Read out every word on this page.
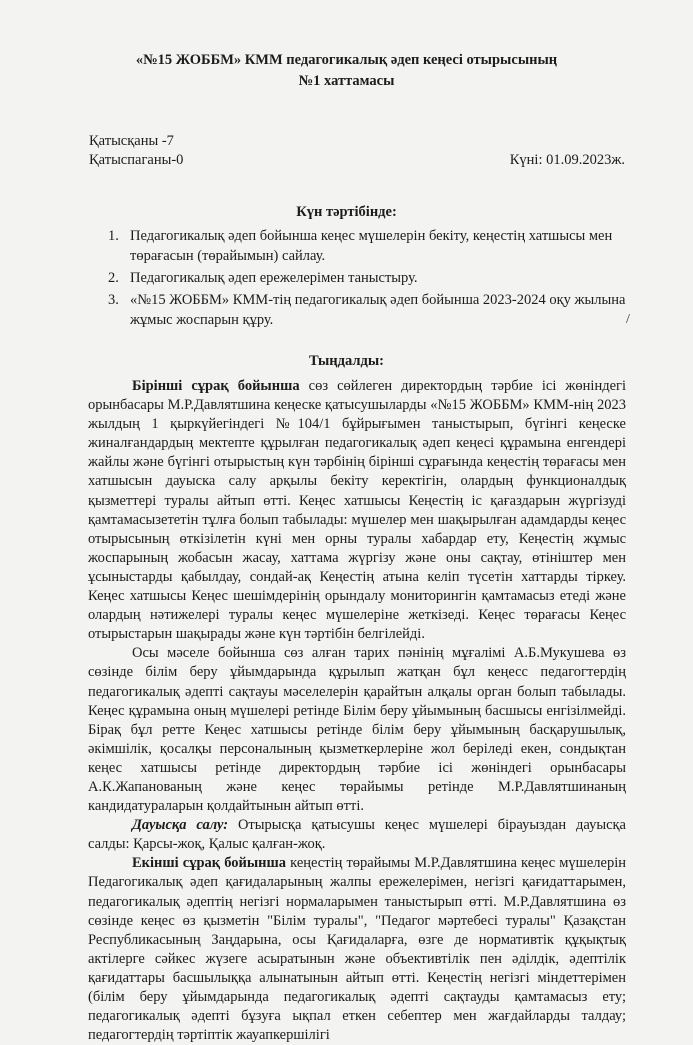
«№15 ЖОББМ» КММ педагогикалық әдеп кеңесі отырысының
№1 хаттамасы
Қатысқаны -7
Қатыспаганы-0	Күні: 01.09.2023ж.
Күн тәртібінде:
1. Педагогикалық әдеп бойынша кеңес мүшелерін бекіту, кеңестің хатшысы мен төрағасын (төрайымын) сайлау.
2. Педагогикалық әдеп ережелерімен таныстыру.
3. «№15 ЖОББМ» КММ-тің педагогикалық әдеп бойынша 2023-2024 оқу жылына жұмыс жоспарын құру.	/
Тыңдалды:

Бірінші сұрақ бойынша сөз сөйлеген директордың тәрбие ісі жөніндегі орынбасары М.Р.Давлятшина кеңеске қатысушыларды «№15 ЖОББМ» КММ-нің 2023 жылдың 1 қыркүйегіндегі №104/1 бұйрығымен таныстырып, бүгінгі кеңеске жиналғандардың мектепте құрылған педагогикалық әдеп кеңесі құрамына енгендері жайлы және бүгінгі отырыстың күн тәрбінің бірінші сұрағында кеңестің төрағасы мен хатшысын дауыска салу арқылы бекіту керектігін, олардың функционалдық қызметтері туралы айтып өтті. Кеңес хатшысы Кеңестің іс қағаздарын жүргізуді қамтамасызететін тұлға болып табылады: мүшелер мен шақырылған адамдарды кеңес отырысының өткізілетін күні мен орны туралы хабардар ету, Кеңестің жұмыс жоспарының жобасын жасау, хаттама жүргізу және оны сақтау, өтініштер мен ұсыныстарды қабылдау, сондай-ақ Кеңестің атына келіп түсетін хаттарды тіркеу. Кеңес хатшысы Кеңес шешімдерінің орындалу мониторингін қамтамасыз етеді және олардың нәтижелері туралы кеңес мүшелеріне жеткізеді. Кеңес төрағасы Кеңес отырыстарын шақырады және күн тәртібін белгілейді.

Осы мәселе бойынша сөз алған тарих пәнінің мұғалімі А.Б.Мукушева өз сөзінде білім беру ұйымдарында құрылып жатқан бұл кеңесс педагогтердің педагогикалық әдепті сақтауы мәселелерін қарайтын алқалы орган болып табылады. Кеңес құрамына оның мүшелері ретінде Білім беру ұйымының басшысы енгізілмейді. Бірақ бұл ретте Кеңес хатшысы ретінде білім беру ұйымының басқарушылық, әкімшілік, қосалқы персоналының қызметкерлеріне жол беріледі екен, сондықтан кеңес хатшысы ретінде директордың тәрбие ісі жөніндегі орынбасары А.К.Жапанованың және кеңес төрайымы ретінде М.Р.Давлятшинаның кандидатураларын қолдайтынын айтып өтті.

Дауысқа салу: Отырысқа қатысушы кеңес мүшелері бірауыздан дауысқа салды: Қарсы-жоқ, Қалыс қалған-жоқ.

Екінші сұрақ бойынша кеңестің төрайымы М.Р.Давлятшина кеңес мүшелерін Педагогикалық әдеп қағидаларының жалпы ережелерімен, негізгі қағидаттарымен, педагогикалық әдептің негізгі нормаларымен таныстырып өтті. М.Р.Давлятшина өз сөзінде кеңес өз қызметін "Білім туралы", "Педагог мәртебесі туралы" Қазақстан Республикасының Заңдарына, осы Қағидаларға, өзге де нормативтік құқықтық актілерге сәйкес жүзеге асыратынын және объективтілік пен әділдік, әдептілік қағидаттары басшылыққа алынатынын айтып өтті. Кеңестің негізгі міндеттерімен (білім беру ұйымдарында педагогикалық әдепті сақтауды қамтамасыз ету; педагогикалық әдепті бұзуға ықпал еткен себептер мен жағдайларды талдау; педагогтердің тәртіптік жауапкершілігі
